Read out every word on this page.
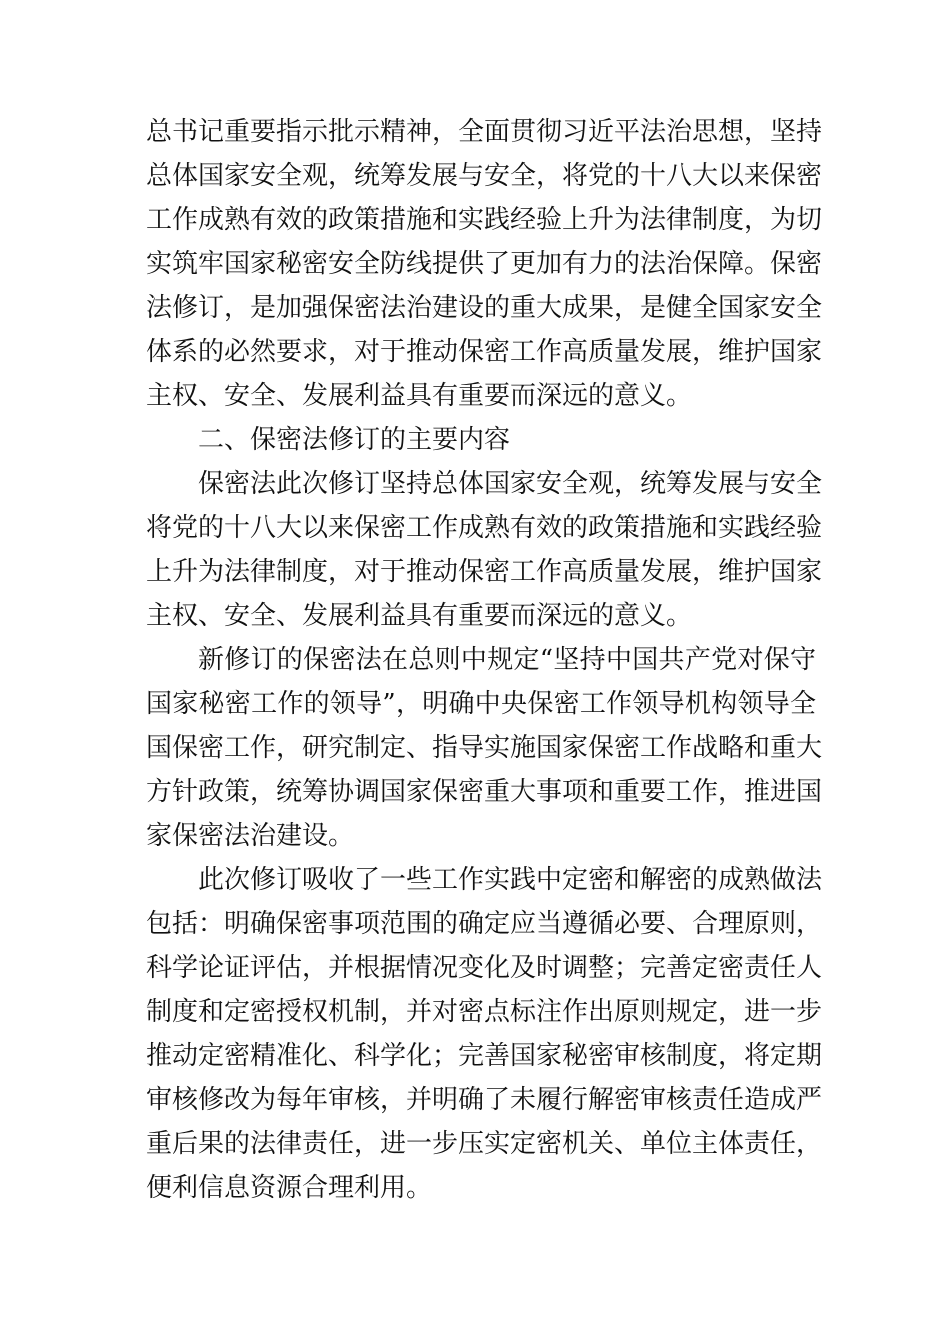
总书记重要指示批示精神，全面贯彻习近平法治思想，坚持
总体国家安全观，统筹发展与安全，将党的十八大以来保密
工作成熟有效的政策措施和实践经验上升为法律制度，为切
实筑牢国家秘密安全防线提供了更加有力的法治保障。保密
法修订，是加强保密法治建设的重大成果，是健全国家安全
体系的必然要求，对于推动保密工作高质量发展，维护国家
主权、安全、发展利益具有重要而深远的意义。
二、保密法修订的主要内容
保密法此次修订坚持总体国家安全观，统筹发展与安全
将党的十八大以来保密工作成熟有效的政策措施和实践经验
上升为法律制度，对于推动保密工作高质量发展，维护国家
主权、安全、发展利益具有重要而深远的意义。
新修订的保密法在总则中规定“坚持中国共产党对保守
国家秘密工作的领导”，明确中央保密工作领导机构领导全
国保密工作，研究制定、指导实施国家保密工作战略和重大
方针政策，统筹协调国家保密重大事项和重要工作，推进国
家保密法治建设。
此次修订吸收了一些工作实践中定密和解密的成熟做法
包括：明确保密事项范围的确定应当遵循必要、合理原则，
科学论证评估，并根据情况变化及时调整；完善定密责任人
制度和定密授权机制，并对密点标注作出原则规定，进一步
推动定密精准化、科学化；完善国家秘密审核制度，将定期
审核修改为每年审核，并明确了未履行解密审核责任造成严
重后果的法律责任，进一步压实定密机关、单位主体责任，
便利信息资源合理利用。
